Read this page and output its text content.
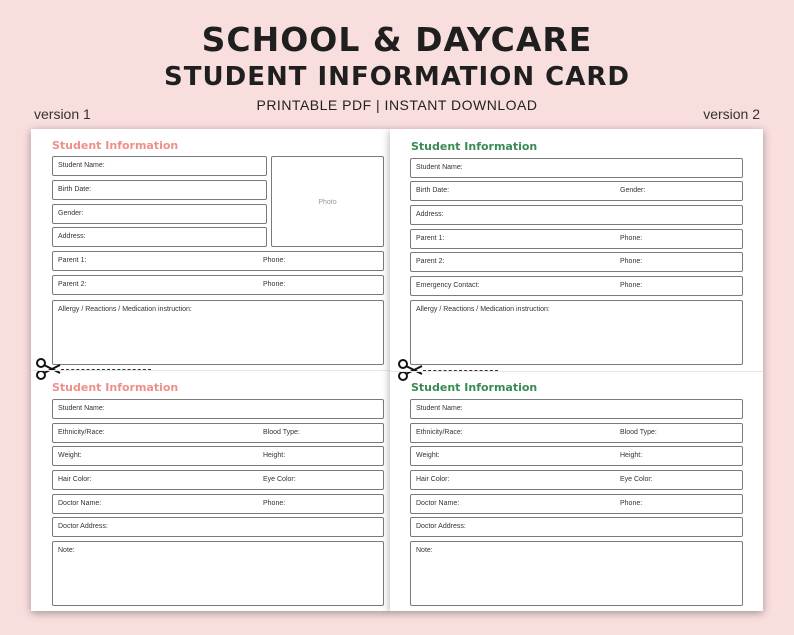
SCHOOL & DAYCARE
STUDENT INFORMATION CARD
PRINTABLE PDF | INSTANT DOWNLOAD
version 1	version 2
Student Information
Student Name:
Birth Date:
Gender:
Address:
Photo
Parent 1:	Phone:
Parent 2:	Phone:
Allergy / Reactions / Medication instruction:
Student Information
Student Name:
Ethnicity/Race:	Blood Type:
Weight:	Height:
Hair Color:	Eye Color:
Doctor Name:	Phone:
Doctor Address:
Note:
Student Information
Student Name:
Birth Date:	Gender:
Address:
Parent 1:	Phone:
Parent 2:	Phone:
Emergency Contact:	Phone:
Allergy / Reactions / Medication instruction:
Student Information
Student Name:
Ethnicity/Race:	Blood Type:
Weight:	Height:
Hair Color:	Eye Color:
Doctor Name:	Phone:
Doctor Address:
Note:
